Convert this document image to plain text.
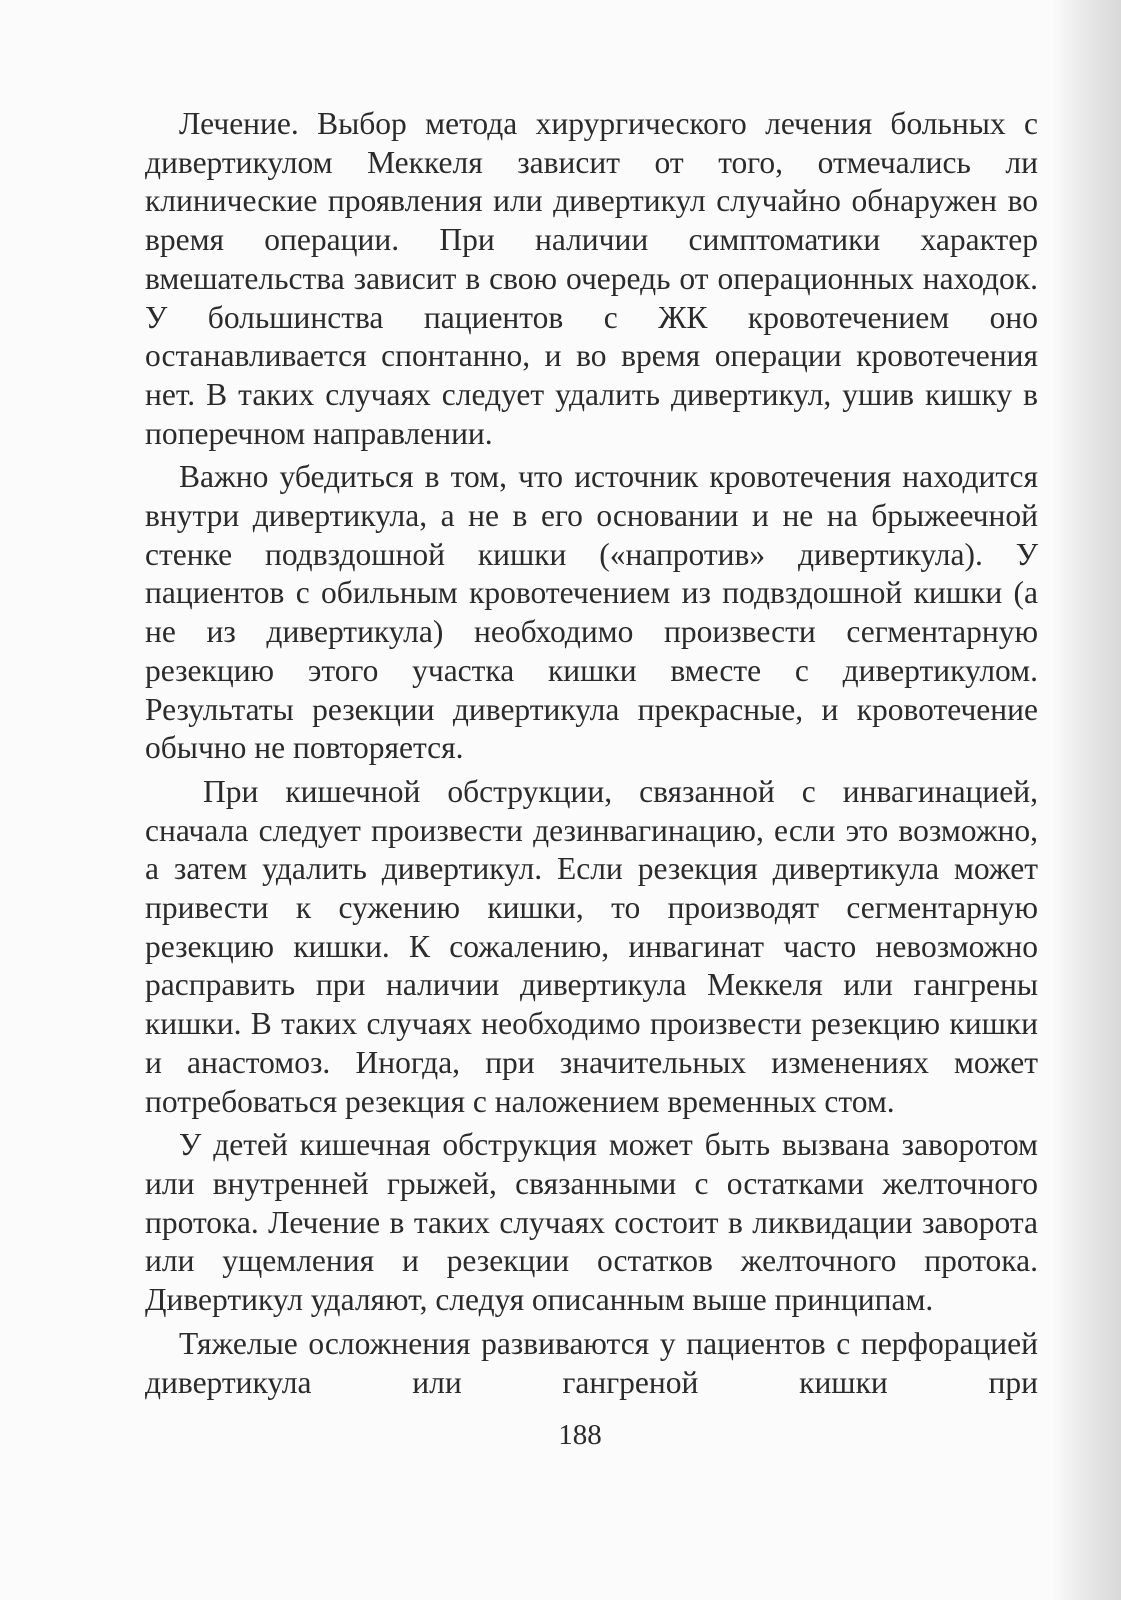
Лечение. Выбор метода хирургического лечения больных с дивертикулом Меккеля зависит от того, отмечались ли клинические проявления или дивертикул случайно обнаружен во время операции. При наличии симптоматики характер вмешательства зависит в свою очередь от операционных находок. У большинства пациентов с ЖК кровотечением оно останавливается спонтанно, и во время операции кровотечения нет. В таких случаях следует удалить дивертикул, ушив кишку в поперечном направлении.

Важно убедиться в том, что источник кровотечения находится внутри дивертикула, а не в его основании и не на брыжеечной стенке подвздошной кишки («напротив» дивертикула). У пациентов с обильным кровотечением из подвздошной кишки (а не из дивертикула) необходимо произвести сегментарную резекцию этого участка кишки вместе с дивертикулом. Результаты резекции дивертикула прекрасные, и кровотечение обычно не повторяется.

При кишечной обструкции, связанной с инвагинацией, сначала следует произвести дезинвагинацию, если это возможно, а затем удалить дивертикул. Если резекция дивертикула может привести к сужению кишки, то производят сегментарную резекцию кишки. К сожалению, инвагинат часто невозможно расправить при наличии дивертикула Меккеля или гангрены кишки. В таких случаях необходимо произвести резекцию кишки и анастомоз. Иногда, при значительных изменениях может потребоваться резекция с наложением временных стом.

У детей кишечная обструкция может быть вызвана заворотом или внутренней грыжей, связанными с остатками желточного протока. Лечение в таких случаях состоит в ликвидации заворота или ущемления и резекции остатков желточного протока. Дивертикул удаляют, следуя описанным выше принципам.

Тяжелые осложнения развиваются у пациентов с перфорацией дивертикула или гангреной кишки при

188
